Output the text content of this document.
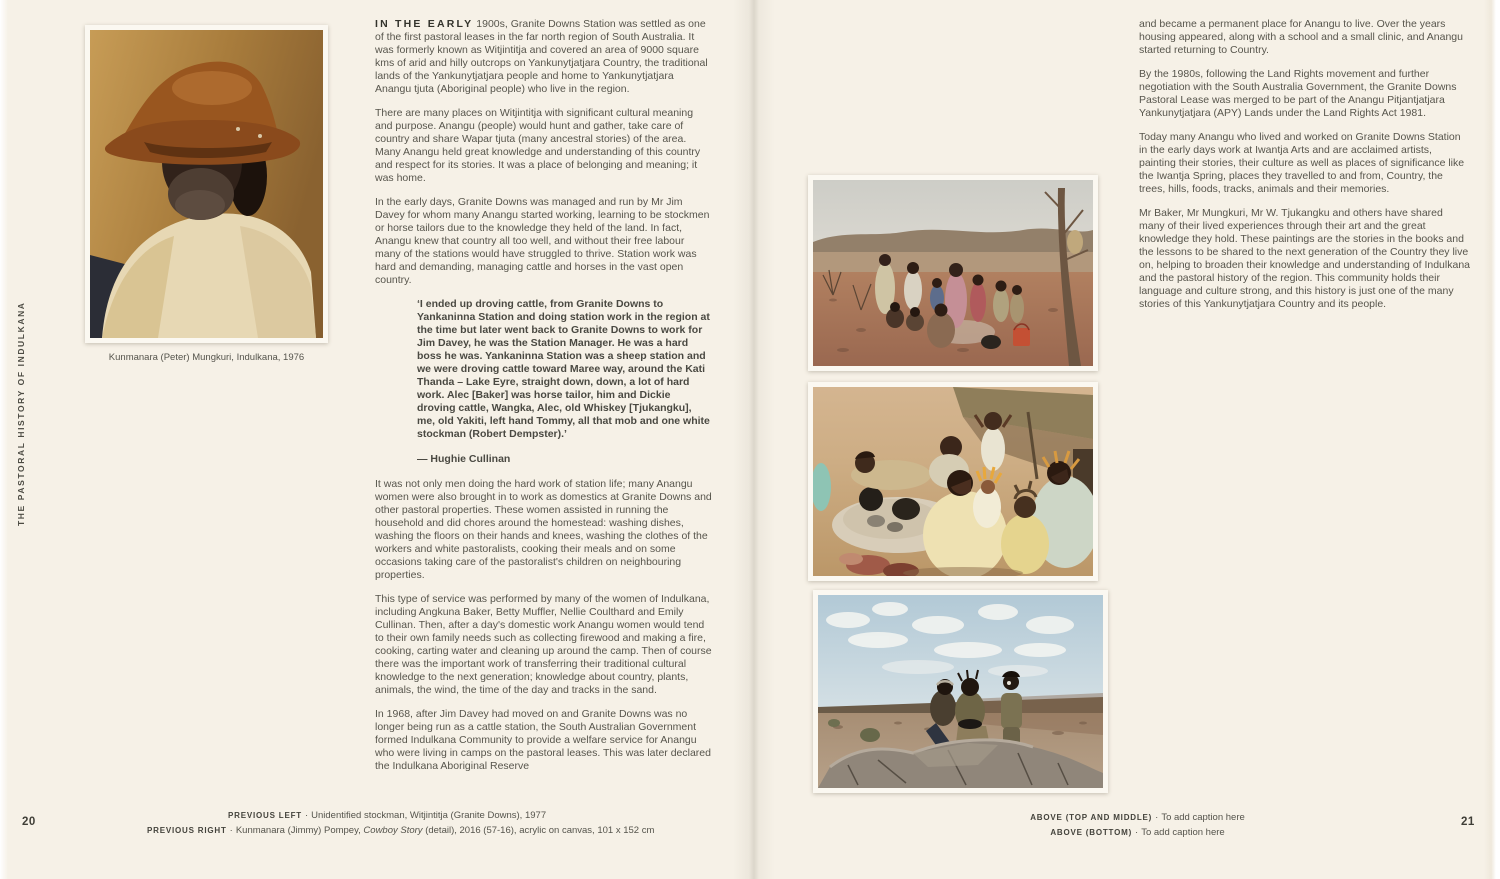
THE PASTORAL HISTORY OF INDULKANA
20	21
Kunmanara (Peter) Mungkuri, Indulkana, 1976

IN THE EARLY 1900s, Granite Downs Station was settled as one of the first pastoral leases in the far north region of South Australia. It was formerly known as Witjintitja and covered an area of 9000 square kms of arid and hilly outcrops on Yankunytjatjara Country, the traditional lands of the Yankunytjatjara people and home to Yankunytjatjara Anangu tjuta (Aboriginal people) who live in the region.

There are many places on Witjintitja with significant cultural meaning and purpose. Anangu (people) would hunt and gather, take care of country and share Wapar tjuta (many ancestral stories) of the area. Many Anangu held great knowledge and understanding of this country and respect for its stories. It was a place of belonging and meaning; it was home.

In the early days, Granite Downs was managed and run by Mr Jim Davey for whom many Anangu started working, learning to be stockmen or horse tailors due to the knowledge they held of the land. In fact, Anangu knew that country all too well, and without their free labour many of the stations would have struggled to thrive. Station work was hard and demanding, managing cattle and horses in the vast open country.

‘I ended up droving cattle, from Granite Downs to Yankaninna Station and doing station work in the region at the time but later went back to Granite Downs to work for Jim Davey, he was the Station Manager. He was a hard boss he was. Yankaninna Station was a sheep station and we were droving cattle toward Maree way, around the Kati Thanda – Lake Eyre, straight down, down, a lot of hard work. Alec [Baker] was horse tailor, him and Dickie droving cattle, Wangka, Alec, old Whiskey [Tjukangku], me, old Yakiti, left hand Tommy, all that mob and one white stockman (Robert Dempster).’
— Hughie Cullinan

It was not only men doing the hard work of station life; many Anangu women were also brought in to work as domestics at Granite Downs and other pastoral properties. These women assisted in running the household and did chores around the homestead: washing dishes, washing the floors on their hands and knees, washing the clothes of the workers and white pastoralists, cooking their meals and on some occasions taking care of the pastoralist's children on neighbouring properties.

This type of service was performed by many of the women of Indulkana, including Angkuna Baker, Betty Muffler, Nellie Coulthard and Emily Cullinan. Then, after a day's domestic work Anangu women would tend to their own family needs such as collecting firewood and making a fire, cooking, carting water and cleaning up around the camp. Then of course there was the important work of transferring their traditional cultural knowledge to the next generation; knowledge about country, plants, animals, the wind, the time of the day and tracks in the sand.

In 1968, after Jim Davey had moved on and Granite Downs was no longer being run as a cattle station, the South Australian Government formed Indulkana Community to provide a welfare service for Anangu who were living in camps on the pastoral leases. This was later declared the Indulkana Aboriginal Reserve

and became a permanent place for Anangu to live. Over the years housing appeared, along with a school and a small clinic, and Anangu started returning to Country.

By the 1980s, following the Land Rights movement and further negotiation with the South Australia Government, the Granite Downs Pastoral Lease was merged to be part of the Anangu Pitjantjatjara Yankunytjatjara (APY) Lands under the Land Rights Act 1981.

Today many Anangu who lived and worked on Granite Downs Station in the early days work at Iwantja Arts and are acclaimed artists, painting their stories, their culture as well as places of significance like the Iwantja Spring, places they travelled to and from, Country, the trees, hills, foods, tracks, animals and their memories.

Mr Baker, Mr Mungkuri, Mr W. Tjukangku and others have shared many of their lived experiences through their art and the great knowledge they hold. These paintings are the stories in the books and the lessons to be shared to the next generation of the Country they live on, helping to broaden their knowledge and understanding of Indulkana and the pastoral history of the region. This community holds their language and culture strong, and this history is just one of the many stories of this Yankunytjatjara Country and its people.

PREVIOUS LEFT · Unidentified stockman, Witjintitja (Granite Downs), 1977
PREVIOUS RIGHT · Kunmanara (Jimmy) Pompey, Cowboy Story (detail), 2016 (57-16), acrylic on canvas, 101 x 152 cm
ABOVE (TOP AND MIDDLE) · To add caption here
ABOVE (BOTTOM) · To add caption here
